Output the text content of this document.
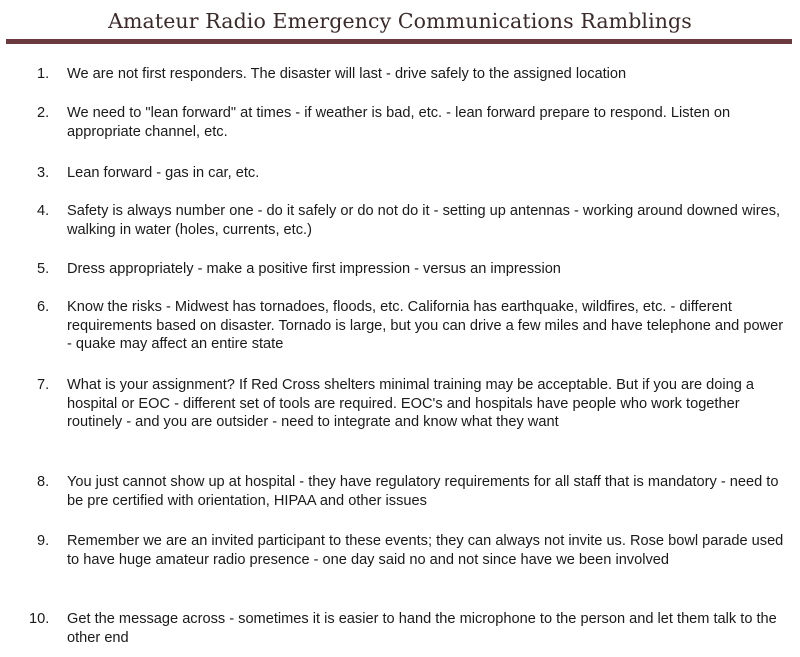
Amateur Radio Emergency Communications Ramblings
1.	We are not first responders. The disaster will last - drive safely to the assigned location
2.	We need to "lean forward" at times - if weather is bad, etc. - lean forward prepare to respond. Listen on appropriate channel, etc.
3.	Lean forward - gas in car, etc.
4.	Safety is always number one - do it safely or do not do it - setting up antennas - working around downed wires, walking in water (holes, currents, etc.)
5.	Dress appropriately - make a positive first impression - versus an impression
6.	Know the risks - Midwest has tornadoes, floods, etc. California has earthquake, wildfires, etc. - different requirements based on disaster. Tornado is large, but you can drive a few miles and have telephone and power - quake may affect an entire state
7.	What is your assignment? If Red Cross shelters minimal training may be acceptable. But if you are doing a hospital or EOC - different set of tools are required. EOC's and hospitals have people who work together routinely - and you are outsider - need to integrate and know what they want
8.	You just cannot show up at hospital - they have regulatory requirements for all staff that is mandatory - need to be pre certified with orientation, HIPAA and other issues
9.	Remember we are an invited participant to these events; they can always not invite us. Rose bowl parade used to have huge amateur radio presence - one day said no and not since have we been involved
10.	Get the message across - sometimes it is easier to hand the microphone to the person and let them talk to the other end
